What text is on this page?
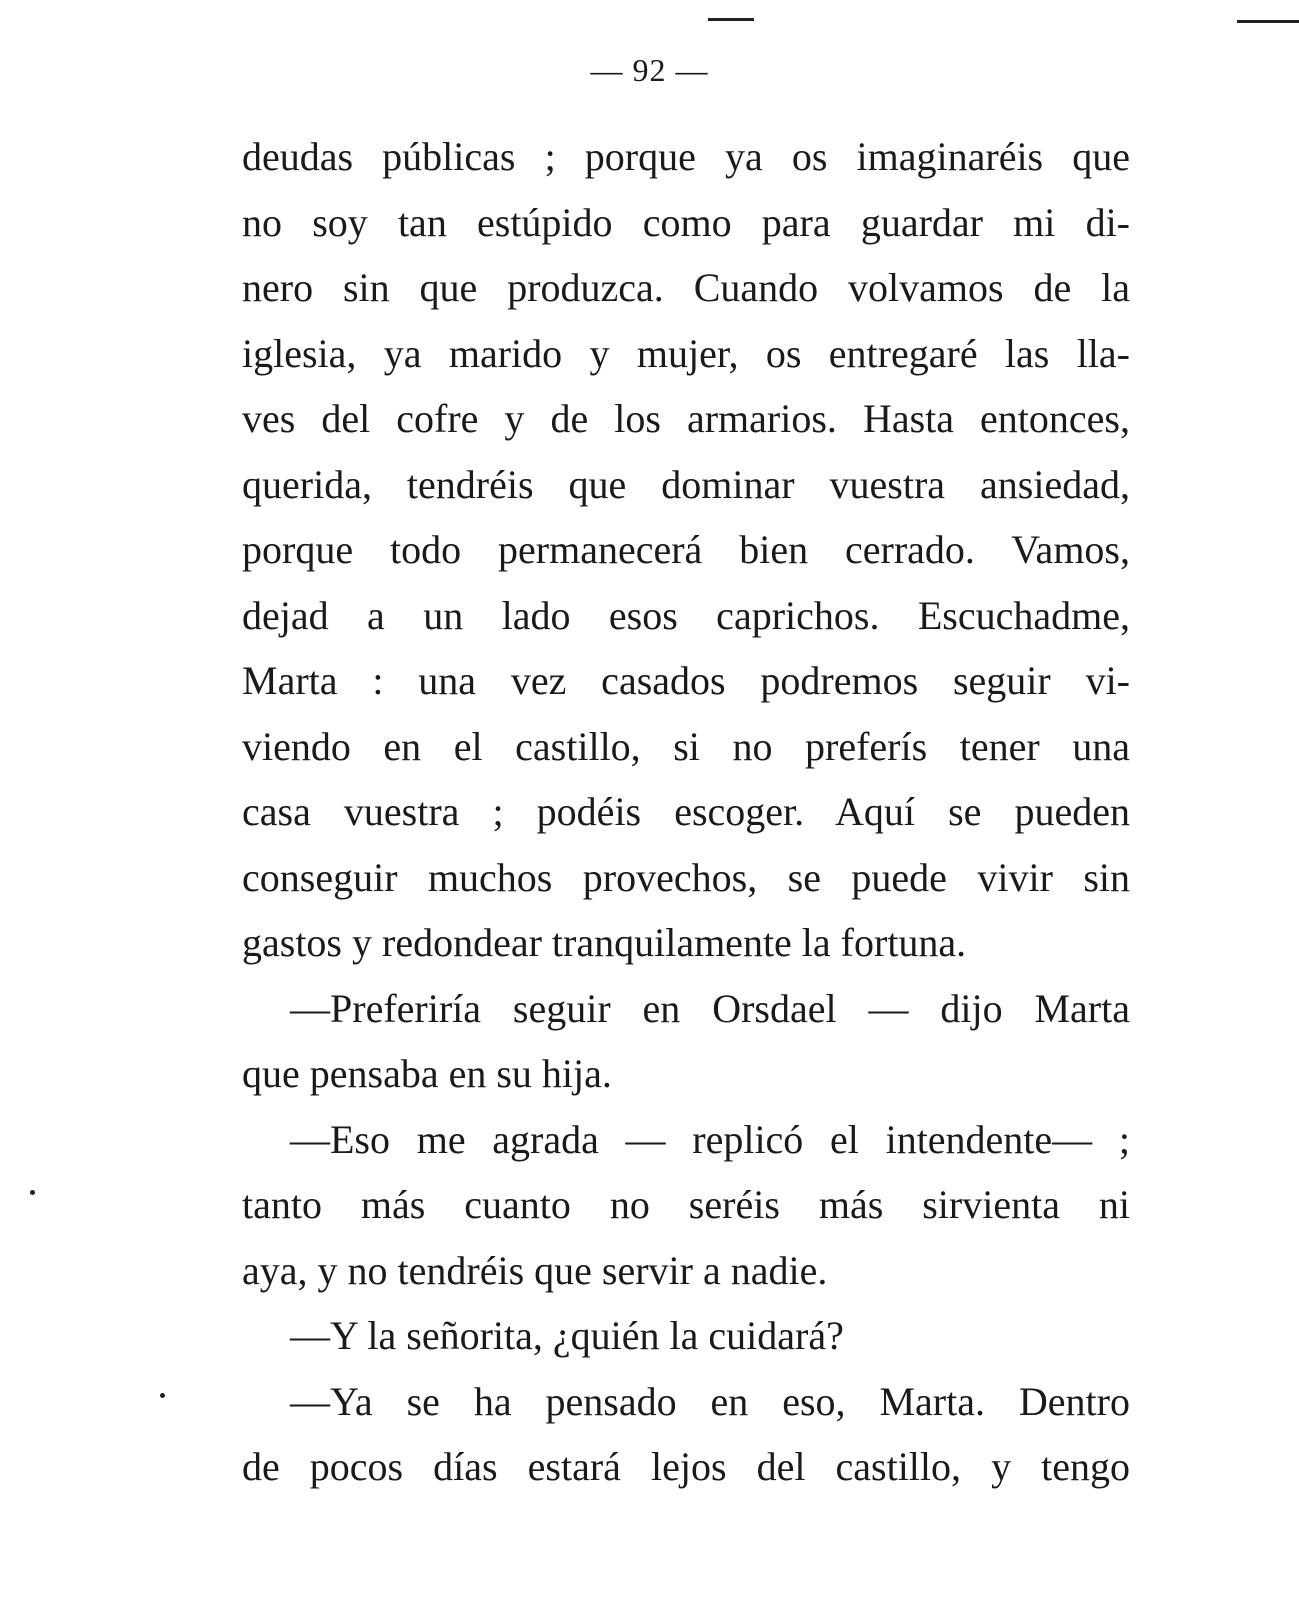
— 92 —
deudas públicas ; porque ya os imaginaréis que
no soy tan estúpido como para guardar mi di-
nero sin que produzca. Cuando volvamos de la
iglesia, ya marido y mujer, os entregaré las lla-
ves del cofre y de los armarios. Hasta entonces,
querida, tendréis que dominar vuestra ansiedad,
porque todo permanecerá bien cerrado. Vamos,
dejad a un lado esos caprichos. Escuchadme,
Marta : una vez casados podremos seguir vi-
viendo en el castillo, si no preferís tener una
casa vuestra ; podéis escoger. Aquí se pueden
conseguir muchos provechos, se puede vivir sin
gastos y redondear tranquilamente la fortuna.
—Preferiría seguir en Orsdael — dijo Marta
que pensaba en su hija.
—Eso me agrada — replicó el intendente— ;
tanto más cuanto no seréis más sirvienta ni
aya, y no tendréis que servir a nadie.
—Y la señorita, ¿quién la cuidará?
—Ya se ha pensado en eso, Marta. Dentro
de pocos días estará lejos del castillo, y tengo
